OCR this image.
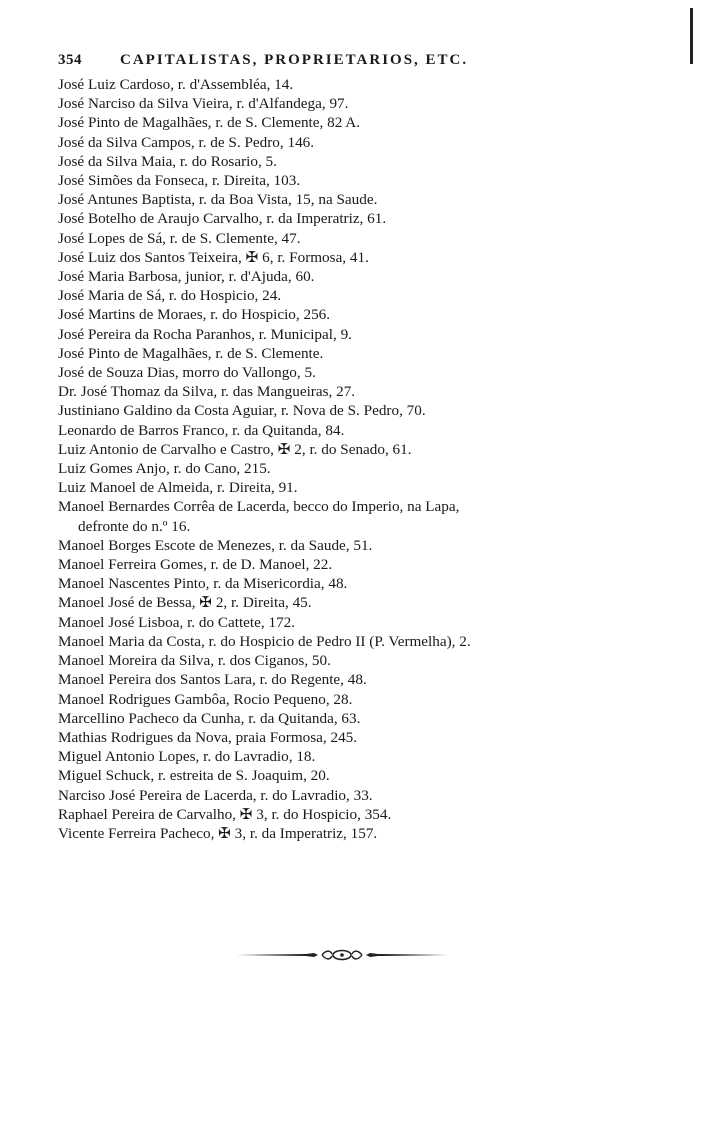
354	CAPITALISTAS, PROPRIETARIOS, ETC.
José Luiz Cardoso, r. d'Assembléa, 14.
José Narciso da Silva Vieira, r. d'Alfandega, 97.
José Pinto de Magalhães, r. de S. Clemente, 82 A.
José da Silva Campos, r. de S. Pedro, 146.
José da Silva Maia, r. do Rosario, 5.
José Simões da Fonseca, r. Direita, 103.
José Antunes Baptista, r. da Boa Vista, 15, na Saude.
José Botelho de Araujo Carvalho, r. da Imperatriz, 61.
José Lopes de Sá, r. de S. Clemente, 47.
José Luiz dos Santos Teixeira, ✠ 6, r. Formosa, 41.
José Maria Barbosa, junior, r. d'Ajuda, 60.
José Maria de Sá, r. do Hospicio, 24.
José Martins de Moraes, r. do Hospicio, 256.
José Pereira da Rocha Paranhos, r. Municipal, 9.
José Pinto de Magalhães, r. de S. Clemente.
José de Souza Dias, morro do Vallongo, 5.
Dr. José Thomaz da Silva, r. das Mangueiras, 27.
Justiniano Galdino da Costa Aguiar, r. Nova de S. Pedro, 70.
Leonardo de Barros Franco, r. da Quitanda, 84.
Luiz Antonio de Carvalho e Castro, ✠ 2, r. do Senado, 61.
Luiz Gomes Anjo, r. do Cano, 215.
Luiz Manoel de Almeida, r. Direita, 91.
Manoel Bernardes Corrêa de Lacerda, becco do Imperio, na Lapa,
defronte do n.º 16.
Manoel Borges Escote de Menezes, r. da Saude, 51.
Manoel Ferreira Gomes, r. de D. Manoel, 22.
Manoel Nascentes Pinto, r. da Misericordia, 48.
Manoel José de Bessa, ✠ 2, r. Direita, 45.
Manoel José Lisboa, r. do Cattete, 172.
Manoel Maria da Costa, r. do Hospicio de Pedro II (P. Vermelha), 2.
Manoel Moreira da Silva, r. dos Ciganos, 50.
Manoel Pereira dos Santos Lara, r. do Regente, 48.
Manoel Rodrigues Gambôa, Rocio Pequeno, 28.
Marcellino Pacheco da Cunha, r. da Quitanda, 63.
Mathias Rodrigues da Nova, praia Formosa, 245.
Miguel Antonio Lopes, r. do Lavradio, 18.
Miguel Schuck, r. estreita de S. Joaquim, 20.
Narciso José Pereira de Lacerda, r. do Lavradio, 33.
Raphael Pereira de Carvalho, ✠ 3, r. do Hospicio, 354.
Vicente Ferreira Pacheco, ✠ 3, r. da Imperatriz, 157.
